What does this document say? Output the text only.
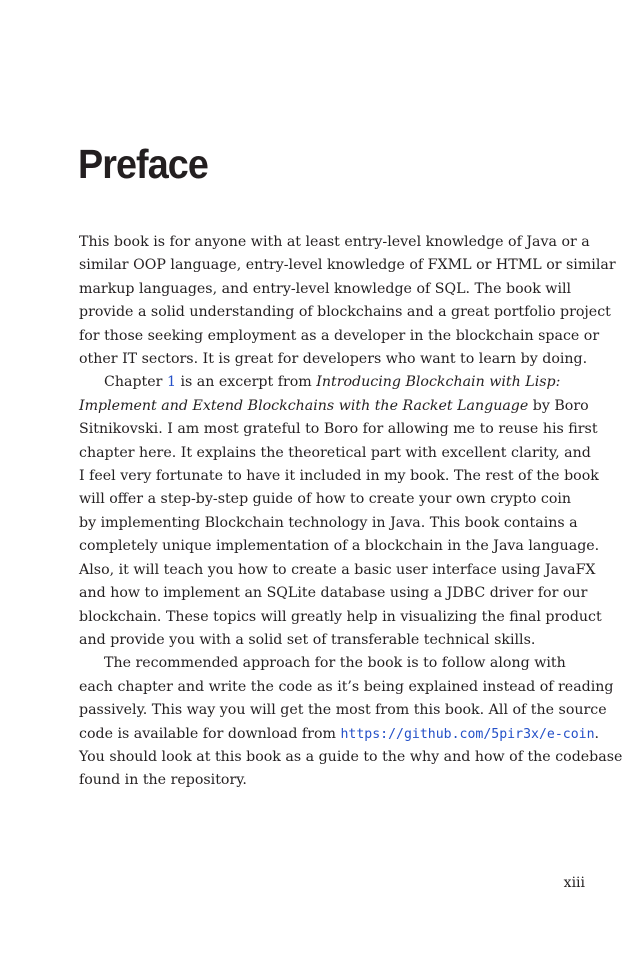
Preface
This book is for anyone with at least entry-level knowledge of Java or a
similar OOP language, entry-level knowledge of FXML or HTML or similar
markup languages, and entry-level knowledge of SQL. The book will
provide a solid understanding of blockchains and a great portfolio project
for those seeking employment as a developer in the blockchain space or
other IT sectors. It is great for developers who want to learn by doing.
Chapter 1 is an excerpt from Introducing Blockchain with Lisp:
Implement and Extend Blockchains with the Racket Language by Boro
Sitnikovski. I am most grateful to Boro for allowing me to reuse his first
chapter here. It explains the theoretical part with excellent clarity, and
I feel very fortunate to have it included in my book. The rest of the book
will offer a step-by-step guide of how to create your own crypto coin
by implementing Blockchain technology in Java. This book contains a
completely unique implementation of a blockchain in the Java language.
Also, it will teach you how to create a basic user interface using JavaFX
and how to implement an SQLite database using a JDBC driver for our
blockchain. These topics will greatly help in visualizing the final product
and provide you with a solid set of transferable technical skills.
The recommended approach for the book is to follow along with
each chapter and write the code as it’s being explained instead of reading
passively. This way you will get the most from this book. All of the source
code is available for download from https://github.com/5pir3x/e-coin.
You should look at this book as a guide to the why and how of the codebase
found in the repository.
xiii
